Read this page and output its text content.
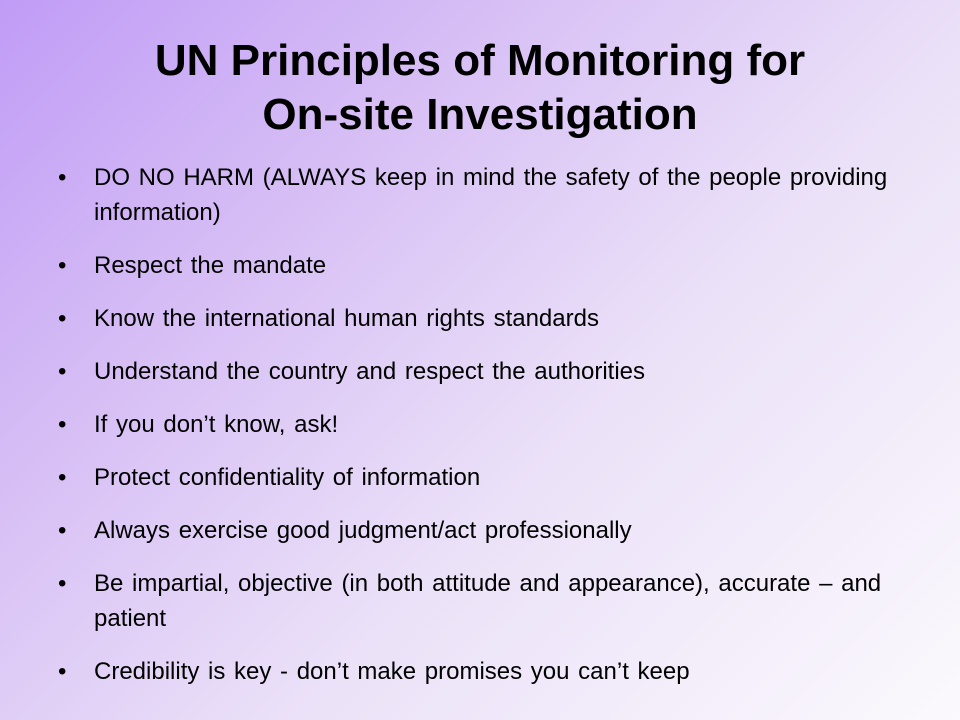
UN Principles of Monitoring for
On-site Investigation
• DO NO HARM (ALWAYS keep in mind the safety of the people providing information)
• Respect the mandate
• Know the international human rights standards
• Understand the country and respect the authorities
• If you don’t know, ask!
• Protect confidentiality of information
• Always exercise good judgment/act professionally
• Be impartial, objective (in both attitude and appearance), accurate – and patient
• Credibility is key - don’t make promises you can’t keep
